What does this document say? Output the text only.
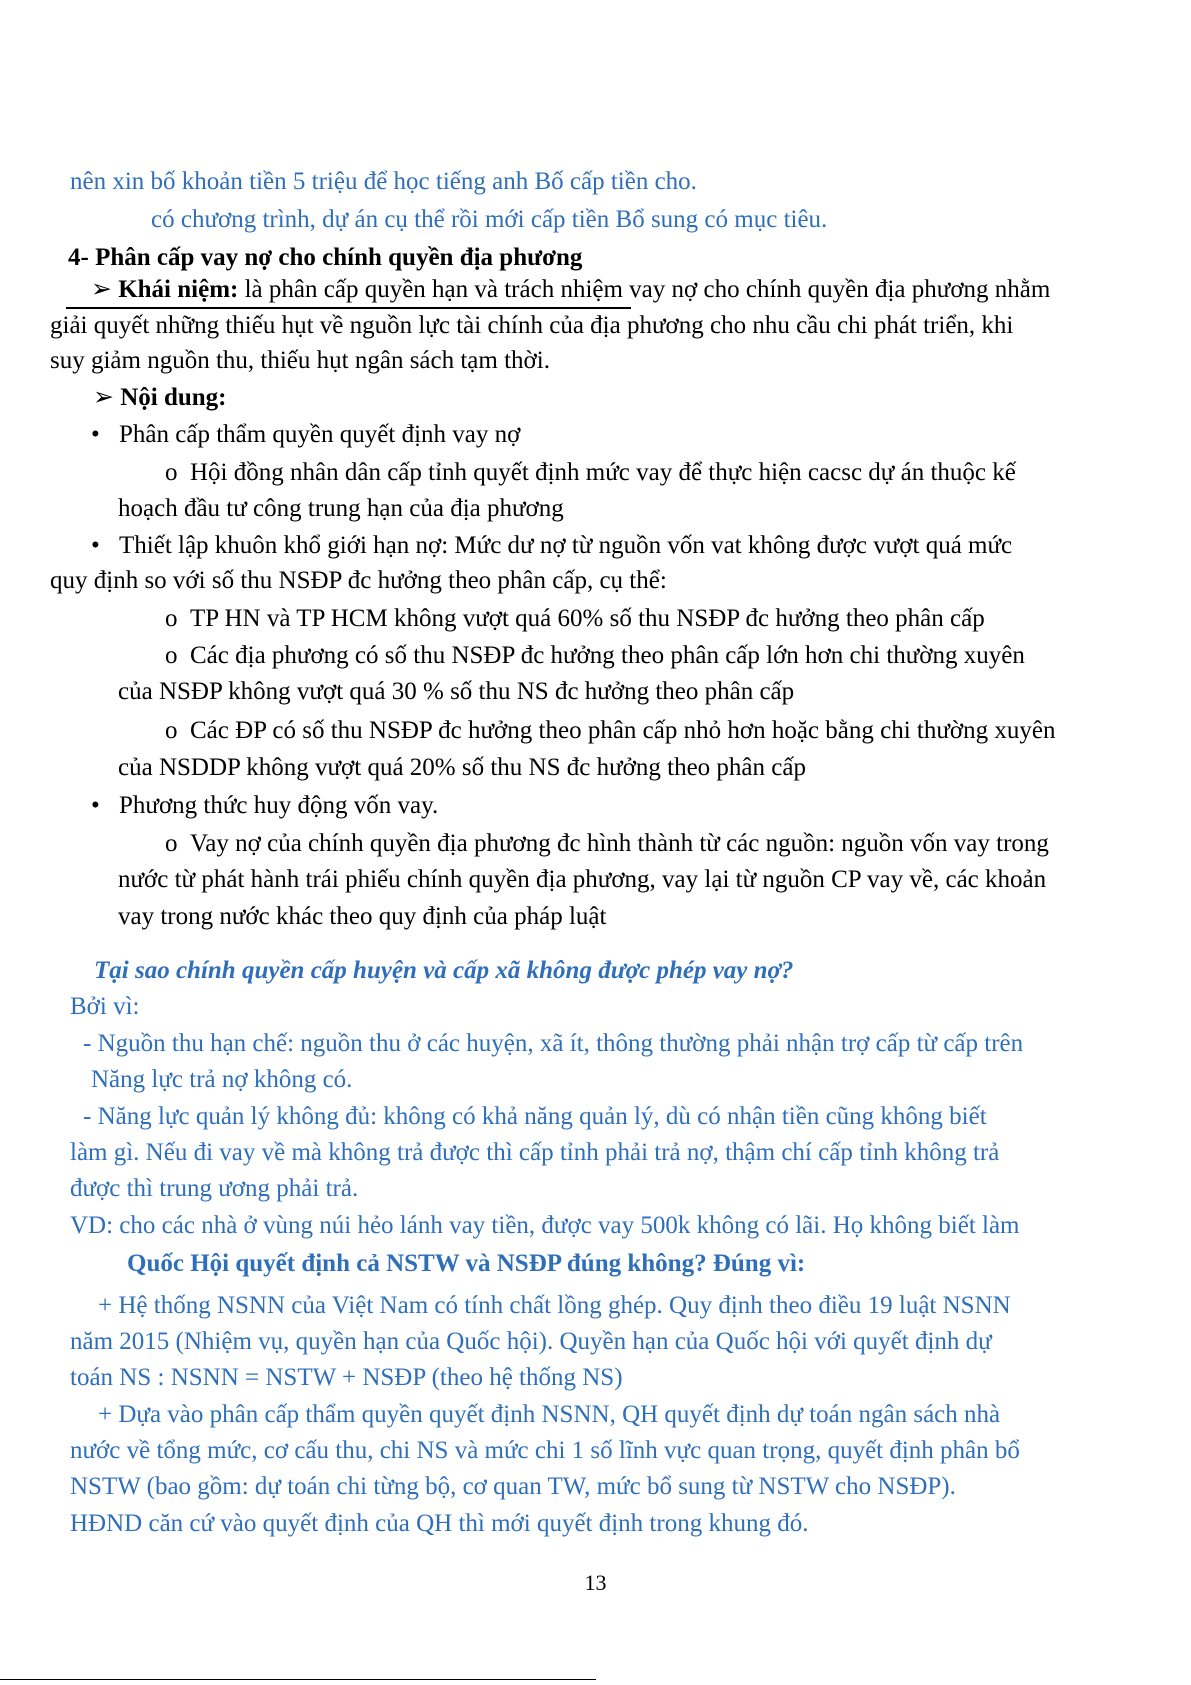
nên xin bố khoản tiền 5 triệu để học tiếng anh Bố cấp tiền cho.
có chương trình, dự án cụ thể rồi mới cấp tiền Bổ sung có mục tiêu.
4- Phân cấp vay nợ cho chính quyền địa phương
➢ Khái niệm: là phân cấp quyền hạn và trách nhiệm vay nợ cho chính quyền địa phương nhằm
giải quyết những thiếu hụt về nguồn lực tài chính của địa phương cho nhu cầu chi phát triển, khi
suy giảm nguồn thu, thiếu hụt ngân sách tạm thời.
➢ Nội dung:
• Phân cấp thẩm quyền quyết định vay nợ
o Hội đồng nhân dân cấp tỉnh quyết định mức vay để thực hiện cacsc dự án thuộc kế
hoạch đầu tư công trung hạn của địa phương
• Thiết lập khuôn khổ giới hạn nợ: Mức dư nợ từ nguồn vốn vat không được vượt quá mức
quy định so với số thu NSĐP đc hưởng theo phân cấp, cụ thể:
o TP HN và TP HCM không vượt quá 60% số thu NSĐP đc hưởng theo phân cấp
o Các địa phương có số thu NSĐP đc hưởng theo phân cấp lớn hơn chi thường xuyên
của NSĐP không vượt quá 30 % số thu NS đc hưởng theo phân cấp
o Các ĐP có số thu NSĐP đc hưởng theo phân cấp nhỏ hơn hoặc bằng chi thường xuyên
của NSDDP không vượt quá 20% số thu NS đc hưởng theo phân cấp
• Phương thức huy động vốn vay.
o Vay nợ của chính quyền địa phương đc hình thành từ các nguồn: nguồn vốn vay trong
nước từ phát hành trái phiếu chính quyền địa phương, vay lại từ nguồn CP vay về, các khoản
vay trong nước khác theo quy định của pháp luật
Tại sao chính quyền cấp huyện và cấp xã không được phép vay nợ?
Bởi vì:
- Nguồn thu hạn chế: nguồn thu ở các huyện, xã ít, thông thường phải nhận trợ cấp từ cấp trên
Năng lực trả nợ không có.
- Năng lực quản lý không đủ: không có khả năng quản lý, dù có nhận tiền cũng không biết
làm gì. Nếu đi vay về mà không trả được thì cấp tỉnh phải trả nợ, thậm chí cấp tỉnh không trả
được thì trung ương phải trả.
VD: cho các nhà ở vùng núi hẻo lánh vay tiền, được vay 500k không có lãi. Họ không biết làm
Quốc Hội quyết định cả NSTW và NSĐP đúng không? Đúng vì:
+ Hệ thống NSNN của Việt Nam có tính chất lồng ghép. Quy định theo điều 19 luật NSNN
năm 2015 (Nhiệm vụ, quyền hạn của Quốc hội). Quyền hạn của Quốc hội với quyết định dự
toán NS : NSNN = NSTW + NSĐP (theo hệ thống NS)
+ Dựa vào phân cấp thẩm quyền quyết định NSNN, QH quyết định dự toán ngân sách nhà
nước về tổng mức, cơ cấu thu, chi NS và mức chi 1 số lĩnh vực quan trọng, quyết định phân bổ
NSTW (bao gồm: dự toán chi từng bộ, cơ quan TW, mức bổ sung từ NSTW cho NSĐP).
HĐND căn cứ vào quyết định của QH thì mới quyết định trong khung đó.
13
